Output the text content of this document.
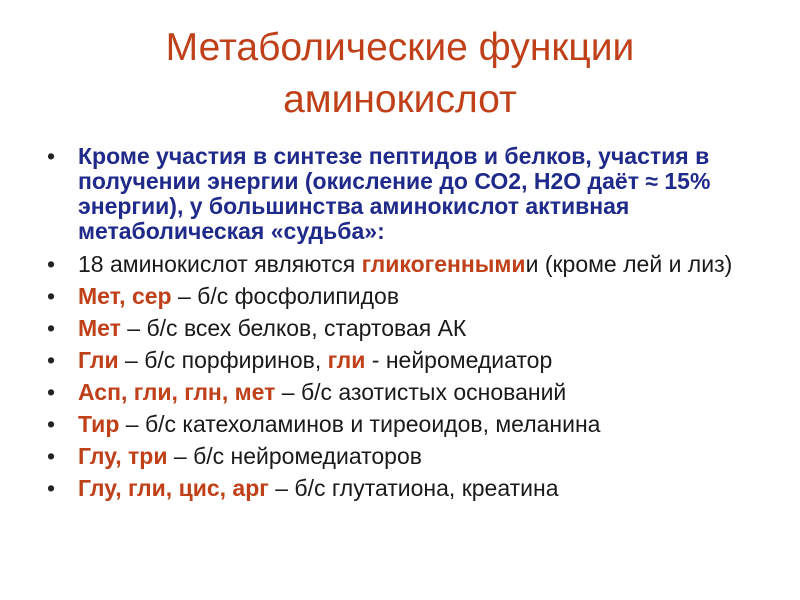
Метаболические функции аминокислот
• Кроме участия в синтезе пептидов и белков, участия в получении энергии (окисление до СО2, Н2О даёт ≈ 15% энергии), у большинства аминокислот активная метаболическая «судьба»:
• 18 аминокислот являются гликогеннымии (кроме лей и лиз)
• Мет, сер – б/с фосфолипидов
• Мет – б/с всех белков, стартовая АК
• Гли – б/с порфиринов, гли - нейромедиатор
• Асп, гли, глн, мет – б/с азотистых оснований
• Тир – б/с катехоламинов и тиреоидов, меланина
• Глу, три – б/с нейромедиаторов
• Глу, гли, цис, арг – б/с глутатиона, креатина
